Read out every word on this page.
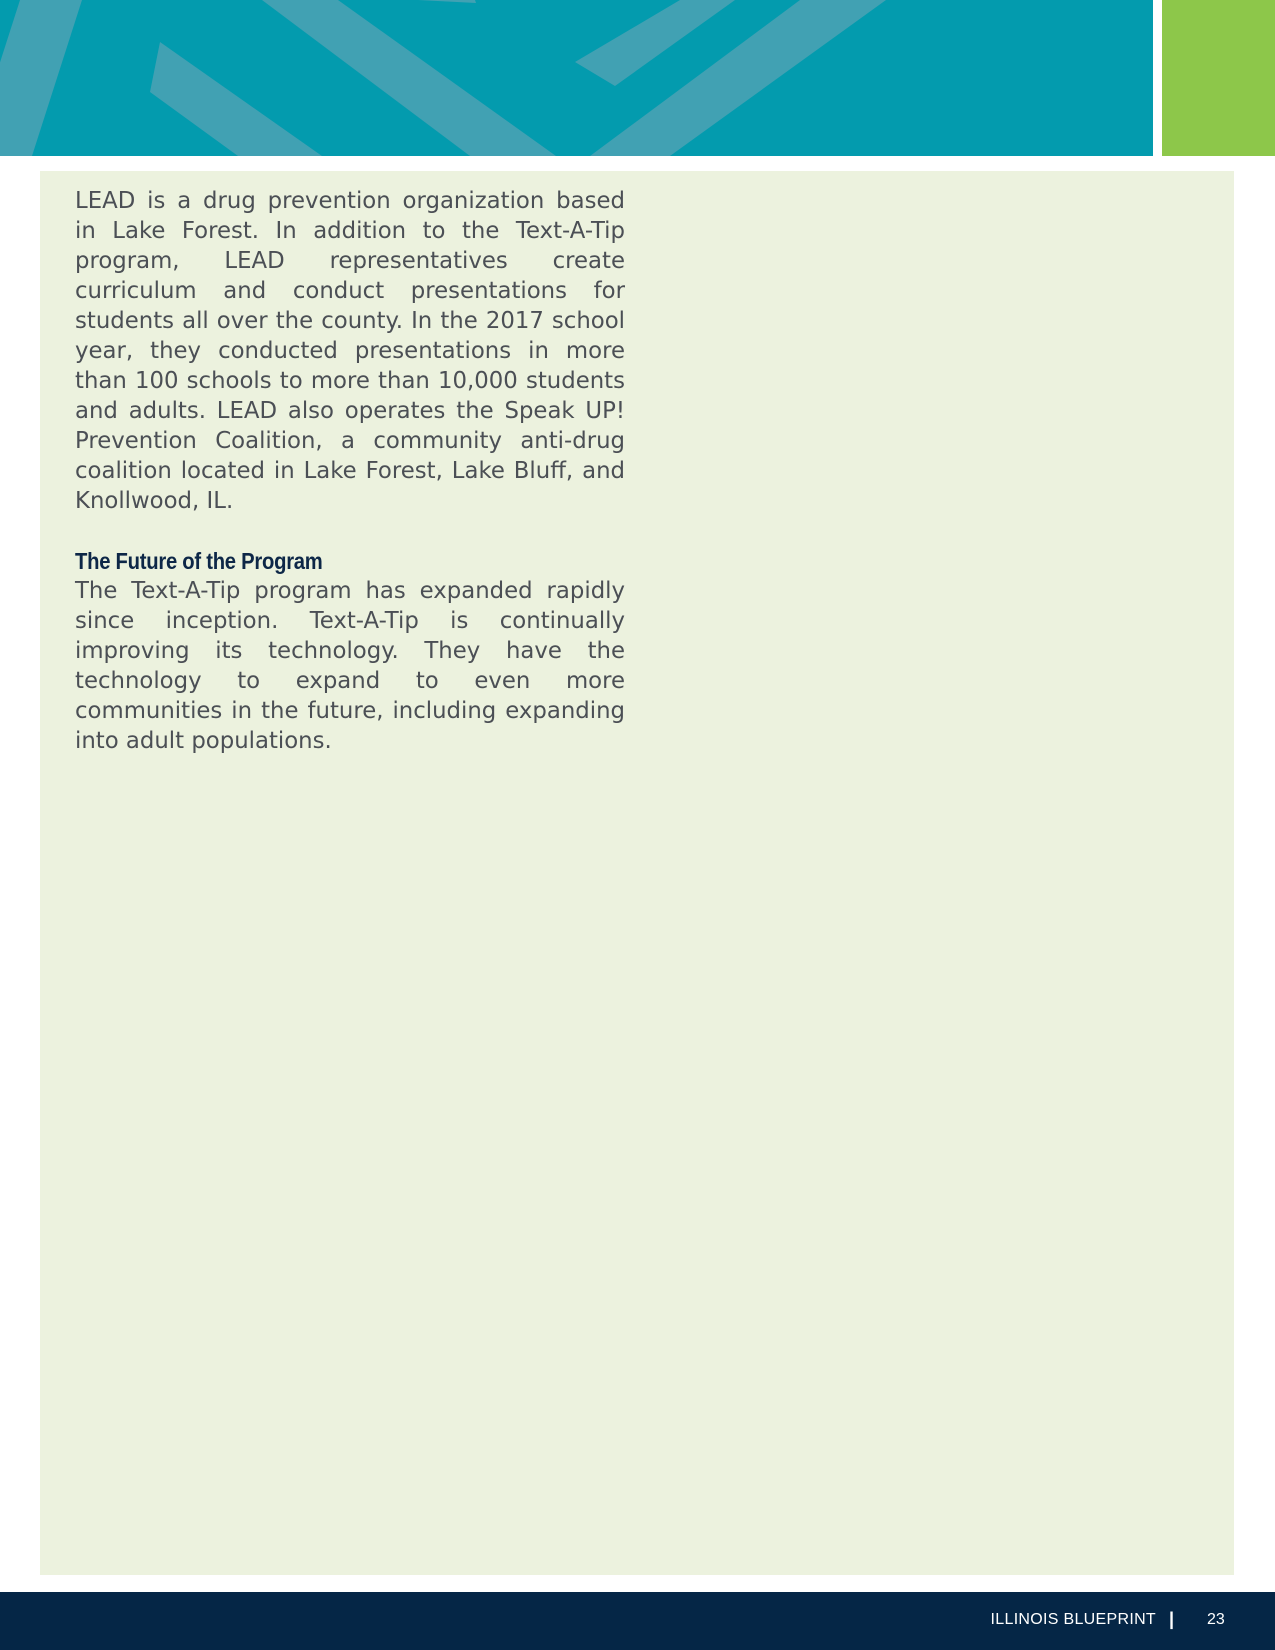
LEAD is a drug prevention organization based in Lake Forest. In addition to the Text-A-Tip program, LEAD representatives create curriculum and conduct presentations for students all over the county. In the 2017 school year, they conducted presentations in more than 100 schools to more than 10,000 students and adults. LEAD also operates the Speak UP! Prevention Coalition, a community anti-drug coalition located in Lake Forest, Lake Bluff, and Knollwood, IL.

The Future of the Program

The Text-A-Tip program has expanded rapidly since inception. Text-A-Tip is continually improving its technology. They have the technology to expand to even more communities in the future, including expanding into adult populations.

ILLINOIS BLUEPRINT | 23
